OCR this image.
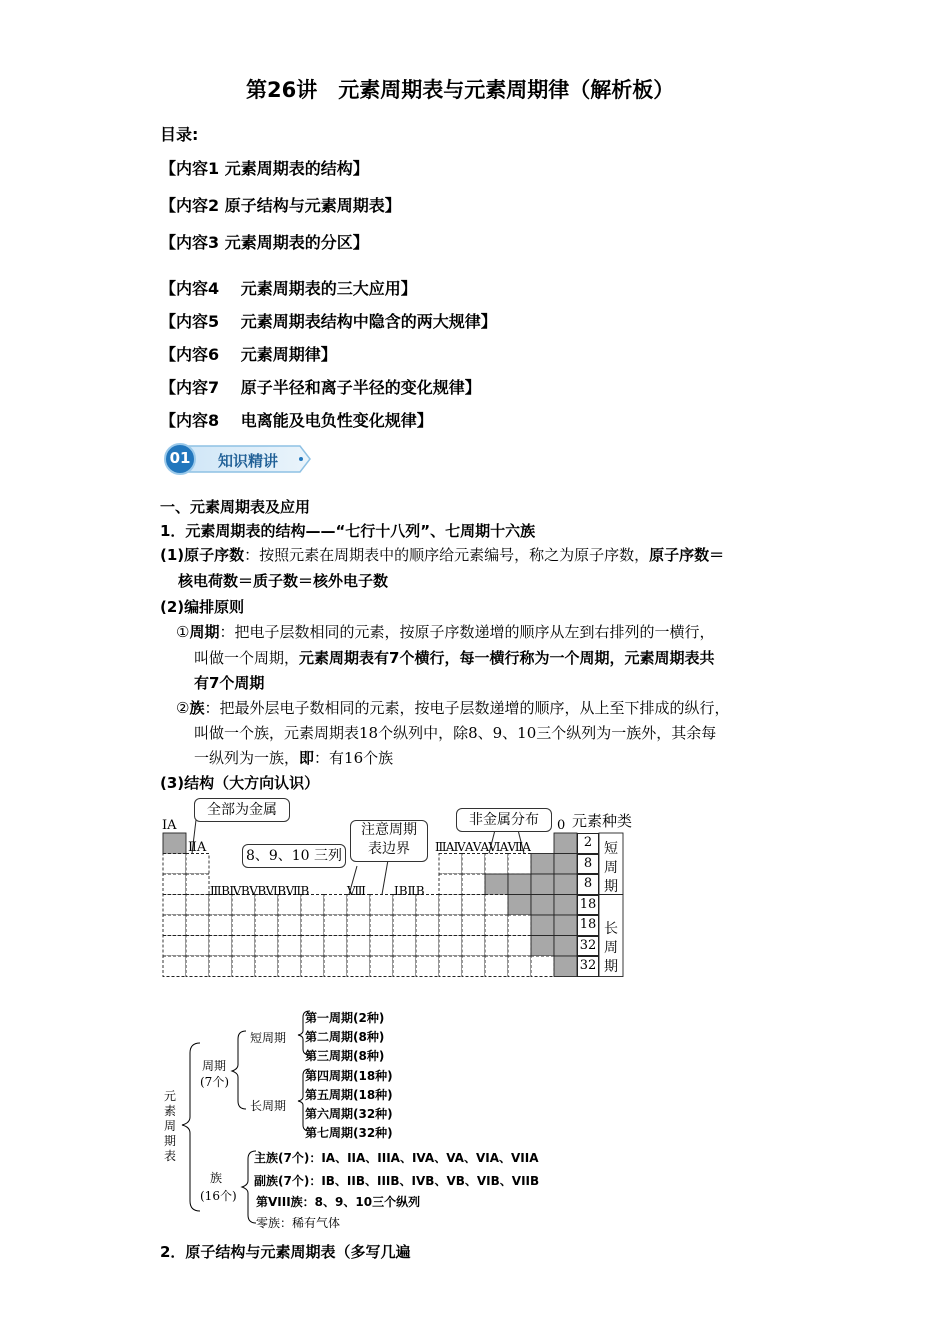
第26讲　元素周期表与元素周期律（解析板）
目录:
【内容1 元素周期表的结构】
【内容2 原子结构与元素周期表】
【内容3 元素周期表的分区】
【内容4　 元素周期表的三大应用】
【内容5　 元素周期表结构中隐含的两大规律】
【内容6　 元素周期律】
【内容7　 原子半径和离子半径的变化规律】
【内容8　 电离能及电负性变化规律】
01 知识精讲
一、元素周期表及应用
1．元素周期表的结构——“七行十八列”、七周期十六族
(1)原子序数：按照元素在周期表中的顺序给元素编号，称之为原子序数，原子序数＝
核电荷数＝质子数＝核外电子数
(2)编排原则
①周期：把电子层数相同的元素，按原子序数递增的顺序从左到右排列的一横行，
叫做一个周期，元素周期表有7个横行，每一横行称为一个周期，元素周期表共
有7个周期
②族：把最外层电子数相同的元素，按电子层数递增的顺序，从上至下排成的纵行，
叫做一个族，元素周期表18个纵列中，除8、9、10三个纵列为一族外，其余每
一纵列为一族，即：有16个族
(3)结构（大方向认识）
全部为金属
非金属分布
8、9、10 三列
注意周期
表边界
ⅠA
ⅡA
ⅢBⅣBⅤBⅥBⅦB	Ⅷ ⅠBⅡB
ⅢAⅣAⅤAⅥAⅦA
0 元素种类
2
8
8
18
18
32
32
短
周
期
长
周
期
元
素
周
期
表
周期
(7个)
短周期
长周期
第一周期(2种)
第二周期(8种)
第三周期(8种)
第四周期(18种)
第五周期(18种)
第六周期(32种)
第七周期(32种)
族
(16个)
主族(7个)：IA、IIA、IIIA、IVA、VA、VIA、VIIA
副族(7个)：IB、IIB、IIIB、IVB、VB、VIB、VIIB
第VIII族：8、9、10三个纵列
零族：稀有气体
2．原子结构与元素周期表（多写几遍
